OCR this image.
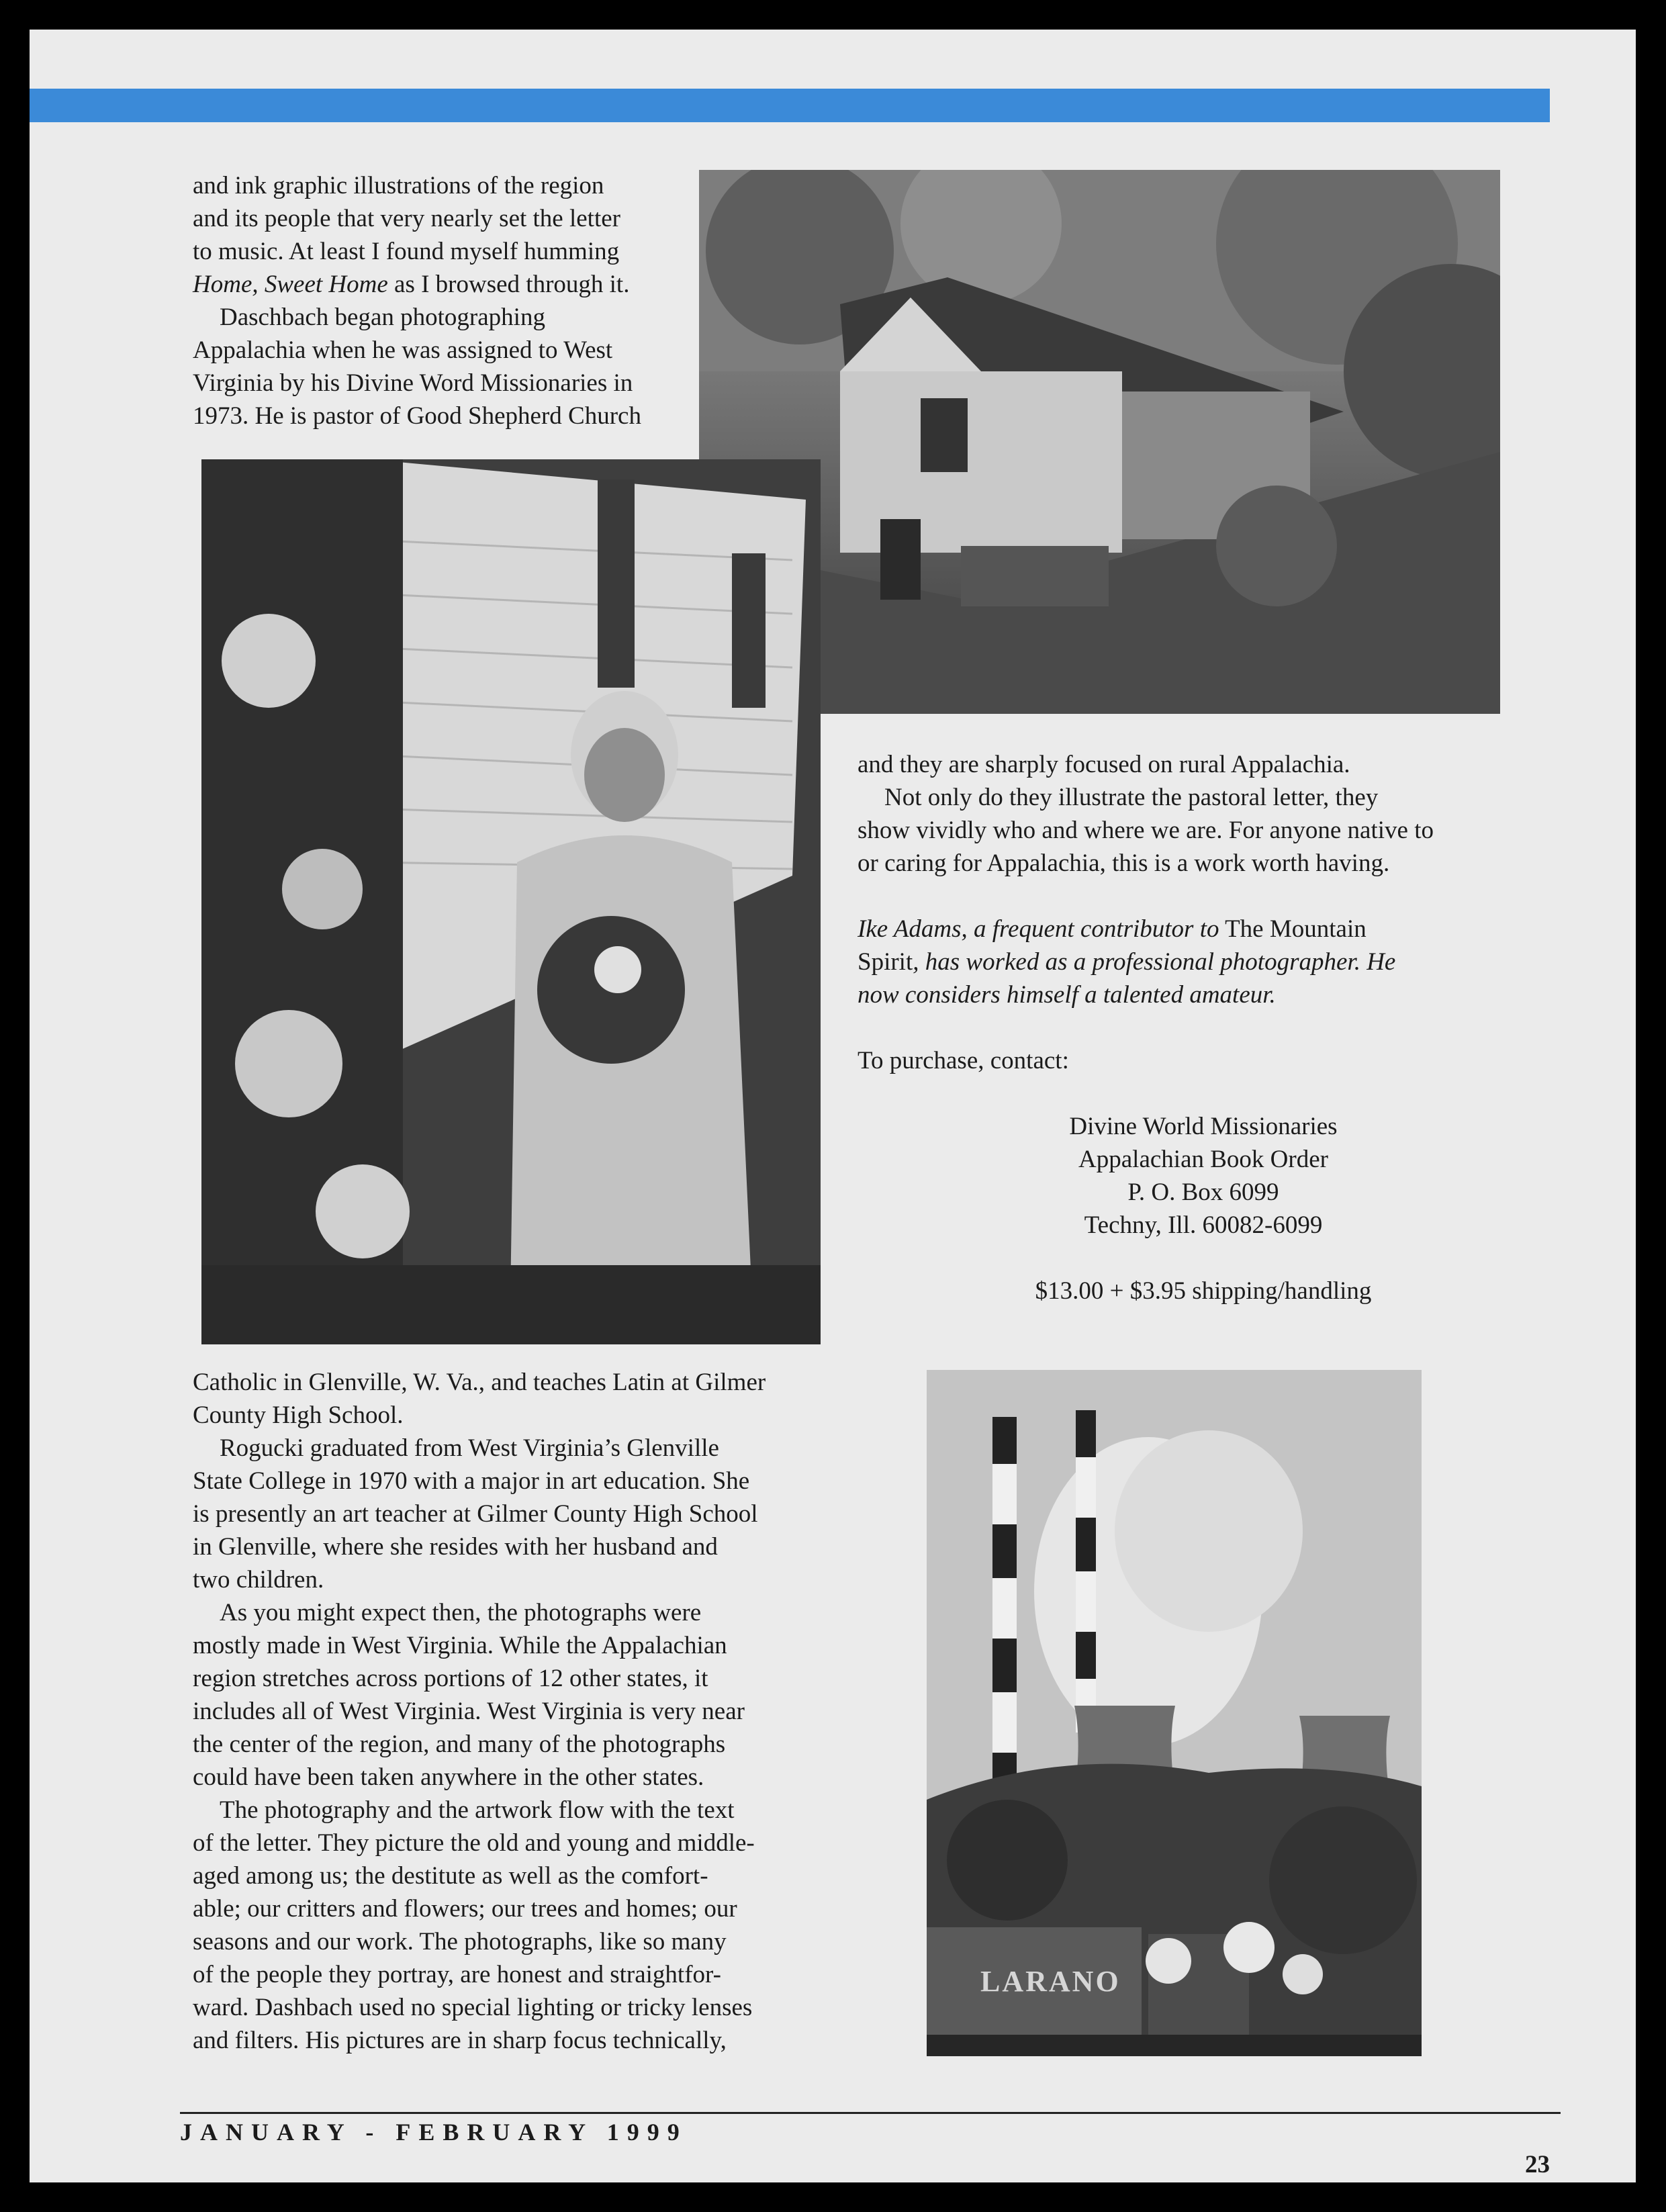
and ink graphic illustrations of the region

and its people that very nearly set the letter

to music. At least I found myself humming

Home, Sweet Home as I browsed through it.

Daschbach began photographing

Appalachia when he was assigned to West

Virginia by his Divine Word Missionaries in

1973. He is pastor of Good Shepherd Church

and they are sharply focused on rural Appalachia.

Not only do they illustrate the pastoral letter, they

show vividly who and where we are. For anyone native to

or caring for Appalachia, this is a work worth having.

Ike Adams, a frequent contributor to The Mountain

Spirit, has worked as a professional photographer. He

now considers himself a talented amateur.

To purchase, contact:

Divine World Missionaries

Appalachian Book Order

P. O. Box 6099

Techny, Ill. 60082-6099

$13.00 + $3.95 shipping/handling

Catholic in Glenville, W. Va., and teaches Latin at Gilmer

County High School.

Rogucki graduated from West Virginia’s Glenville

State College in 1970 with a major in art education. She

is presently an art teacher at Gilmer County High School

in Glenville, where she resides with her husband and

two children.

As you might expect then, the photographs were

mostly made in West Virginia. While the Appalachian

region stretches across portions of 12 other states, it

includes all of West Virginia. West Virginia is very near

the center of the region, and many of the photographs

could have been taken anywhere in the other states.

The photography and the artwork flow with the text

of the letter. They picture the old and young and middle-

aged among us; the destitute as well as the comfort-

able; our critters and flowers; our trees and homes; our

seasons and our work. The photographs, like so many

of the people they portray, are honest and straightfor-

ward. Dashbach used no special lighting or tricky lenses

and filters. His pictures are in sharp focus technically,

LARANO
JANUARY - FEBRUARY 1999
23
